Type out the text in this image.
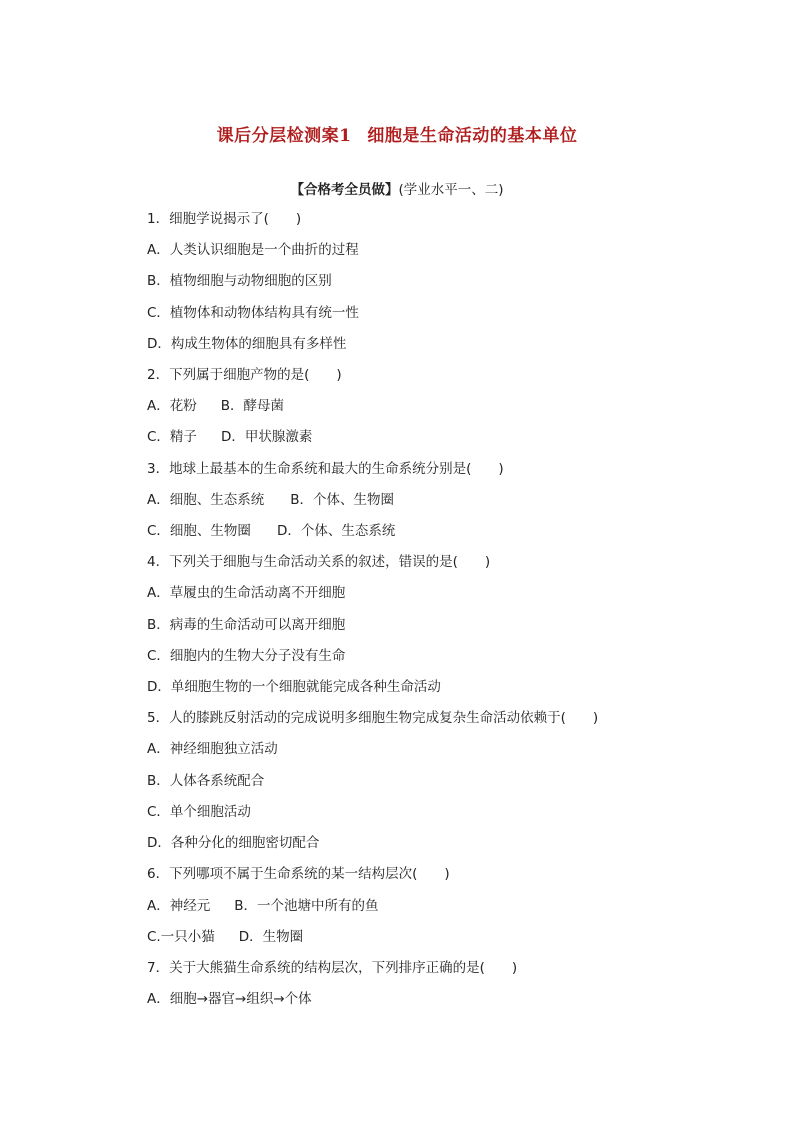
课后分层检测案1 细胞是生命活动的基本单位
【合格考全员做】(学业水平一、二)
1．细胞学说揭示了(　　)
A．人类认识细胞是一个曲折的过程
B．植物细胞与动物细胞的区别
C．植物体和动物体结构具有统一性
D．构成生物体的细胞具有多样性
2．下列属于细胞产物的是(　　)
A．花粉 B．酵母菌
C．精子 D．甲状腺激素
3．地球上最基本的生命系统和最大的生命系统分别是(　　)
A．细胞、生态系统 B．个体、生物圈
C．细胞、生物圈 D．个体、生态系统
4．下列关于细胞与生命活动关系的叙述，错误的是(　　)
A．草履虫的生命活动离不开细胞
B．病毒的生命活动可以离开细胞
C．细胞内的生物大分子没有生命
D．单细胞生物的一个细胞就能完成各种生命活动
5．人的膝跳反射活动的完成说明多细胞生物完成复杂生命活动依赖于(　　)
A．神经细胞独立活动
B．人体各系统配合
C．单个细胞活动
D．各种分化的细胞密切配合
6．下列哪项不属于生命系统的某一结构层次(　　)
A．神经元 B．一个池塘中所有的鱼
C.一只小猫 D．生物圈
7．关于大熊猫生命系统的结构层次，下列排序正确的是(　　)
A．细胞→器官→组织→个体
